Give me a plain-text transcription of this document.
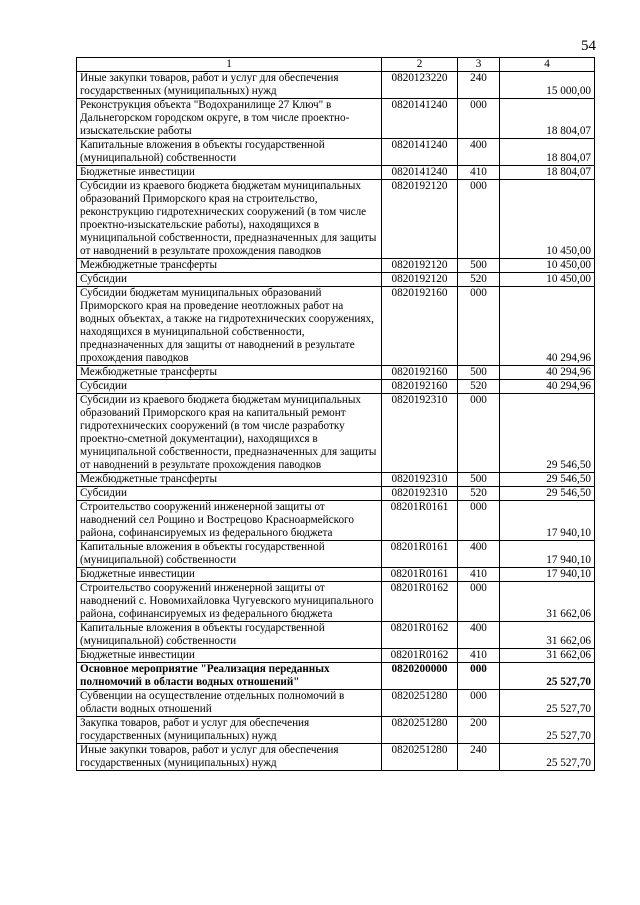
54
1	2	3	4
Иные закупки товаров, работ и услуг для обеспечения государственных (муниципальных) нужд	0820123220	240	15 000,00
Реконструкция объекта "Водохранилище 27 Ключ" в Дальнегорском городском округе, в том числе проектно-изыскательские работы	0820141240	000	18 804,07
Капитальные вложения в объекты государственной (муниципальной) собственности	0820141240	400	18 804,07
Бюджетные инвестиции	0820141240	410	18 804,07
Субсидии из краевого бюджета бюджетам муниципальных образований Приморского края на строительство, реконструкцию гидротехнических сооружений (в том числе проектно-изыскательские работы), находящихся в муниципальной собственности, предназначенных для защиты от наводнений в результате прохождения паводков	0820192120	000	10 450,00
Межбюджетные трансферты	0820192120	500	10 450,00
Субсидии	0820192120	520	10 450,00
Субсидии бюджетам муниципальных образований Приморского края на проведение неотложных работ на водных объектах, а также на гидротехнических сооружениях, находящихся в муниципальной собственности, предназначенных для защиты от наводнений в результате прохождения паводков	0820192160	000	40 294,96
Межбюджетные трансферты	0820192160	500	40 294,96
Субсидии	0820192160	520	40 294,96
Субсидии из краевого бюджета бюджетам муниципальных образований Приморского края на капитальный ремонт гидротехнических сооружений (в том числе разработку проектно-сметной документации), находящихся в муниципальной собственности, предназначенных для защиты от наводнений в результате прохождения паводков	0820192310	000	29 546,50
Межбюджетные трансферты	0820192310	500	29 546,50
Субсидии	0820192310	520	29 546,50
Строительство сооружений инженерной защиты от наводнений сел Рощино и Вострецово Красноармейского района, софинансируемых из федерального бюджета	08201R0161	000	17 940,10
Капитальные вложения в объекты государственной (муниципальной) собственности	08201R0161	400	17 940,10
Бюджетные инвестиции	08201R0161	410	17 940,10
Строительство сооружений инженерной защиты от наводнений с. Новомихайловка Чугуевского муниципального района, софинансируемых из федерального бюджета	08201R0162	000	31 662,06
Капитальные вложения в объекты государственной (муниципальной) собственности	08201R0162	400	31 662,06
Бюджетные инвестиции	08201R0162	410	31 662,06
Основное мероприятие "Реализация переданных полномочий в области водных отношений"	0820200000	000	25 527,70
Субвенции на осуществление отдельных полномочий в области водных отношений	0820251280	000	25 527,70
Закупка товаров, работ и услуг для обеспечения государственных (муниципальных) нужд	0820251280	200	25 527,70
Иные закупки товаров, работ и услуг для обеспечения государственных (муниципальных) нужд	0820251280	240	25 527,70
